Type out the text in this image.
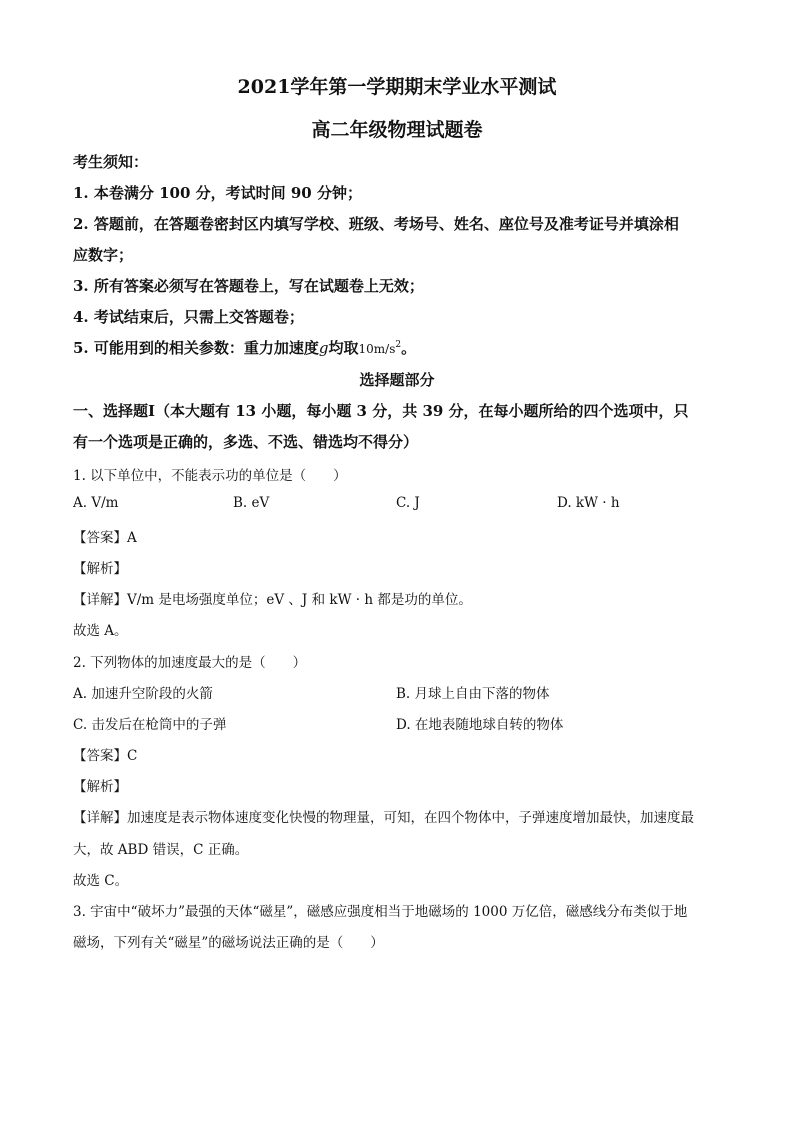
2021学年第一学期期末学业水平测试
高二年级物理试题卷
考生须知：
1. 本卷满分 100 分，考试时间 90 分钟；
2. 答题前，在答题卷密封区内填写学校、班级、考场号、姓名、座位号及准考证号并填涂相
应数字；
3. 所有答案必须写在答题卷上，写在试题卷上无效；
4. 考试结束后，只需上交答题卷；
5. 可能用到的相关参数：重力加速度g均取$10m/s^2$。
选择题部分
一、选择题Ⅰ（本大题有 13 小题，每小题 3 分，共 39 分，在每小题所给的四个选项中，只
有一个选项是正确的，多选、不选、错选均不得分）
1. 以下单位中，不能表示功的单位是（　　）
A. V/m	B. eV	C. J	D. kW · h
【答案】A
【解析】
【详解】V/m 是电场强度单位；eV 、J 和 kW · h 都是功的单位。
故选 A。
2. 下列物体的加速度最大的是（　　）
A. 加速升空阶段的火箭	B. 月球上自由下落的物体
C. 击发后在枪筒中的子弹	D. 在地表随地球自转的物体
【答案】C
【解析】
【详解】加速度是表示物体速度变化快慢的物理量，可知，在四个物体中，子弹速度增加最快，加速度最
大，故 ABD 错误，C 正确。
故选 C。
3. 宇宙中“破坏力”最强的天体“磁星”，磁感应强度相当于地磁场的 1000 万亿倍，磁感线分布类似于地
磁场，下列有关“磁星”的磁场说法正确的是（　　）
